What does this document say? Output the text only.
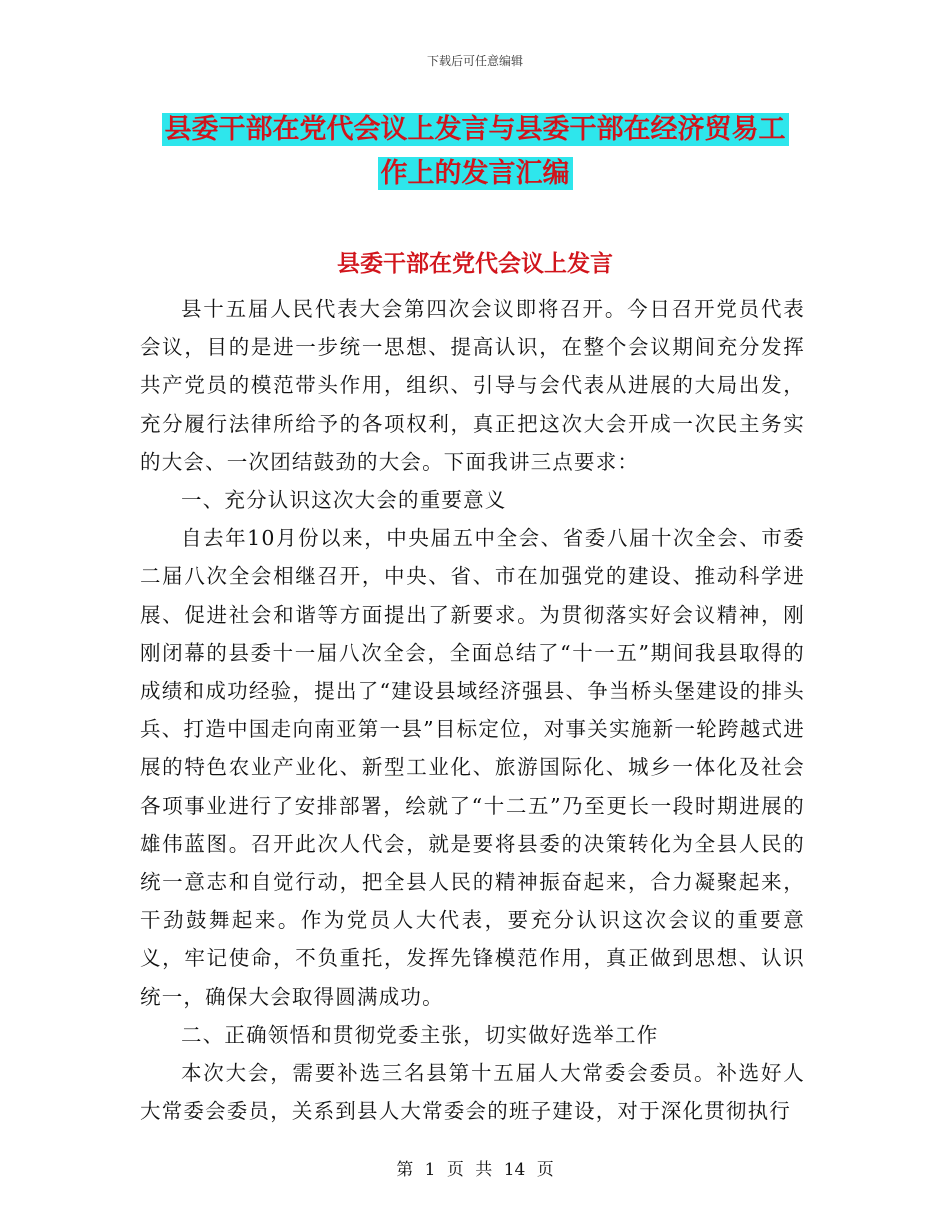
下载后可任意编辑
县委干部在党代会议上发言与县委干部在经济贸易工
作上的发言汇编
县委干部在党代会议上发言

县十五届人民代表大会第四次会议即将召开。今日召开党员代表会议，目的是进一步统一思想、提高认识，在整个会议期间充分发挥共产党员的模范带头作用，组织、引导与会代表从进展的大局出发，充分履行法律所给予的各项权利，真正把这次大会开成一次民主务实的大会、一次团结鼓劲的大会。下面我讲三点要求：

一、充分认识这次大会的重要意义

自去年10月份以来，中央届五中全会、省委八届十次全会、市委二届八次全会相继召开，中央、省、市在加强党的建设、推动科学进展、促进社会和谐等方面提出了新要求。为贯彻落实好会议精神，刚刚闭幕的县委十一届八次全会，全面总结了“十一五”期间我县取得的成绩和成功经验，提出了“建设县域经济强县、争当桥头堡建设的排头兵、打造中国走向南亚第一县”目标定位，对事关实施新一轮跨越式进展的特色农业产业化、新型工业化、旅游国际化、城乡一体化及社会各项事业进行了安排部署，绘就了“十二五”乃至更长一段时期进展的雄伟蓝图。召开此次人代会，就是要将县委的决策转化为全县人民的统一意志和自觉行动，把全县人民的精神振奋起来，合力凝聚起来，干劲鼓舞起来。作为党员人大代表，要充分认识这次会议的重要意义，牢记使命，不负重托，发挥先锋模范作用，真正做到思想、认识统一，确保大会取得圆满成功。

二、正确领悟和贯彻党委主张，切实做好选举工作

本次大会，需要补选三名县第十五届人大常委会委员。补选好人大常委会委员，关系到县人大常委会的班子建设，对于深化贯彻执行

第 1 页 共 14 页
